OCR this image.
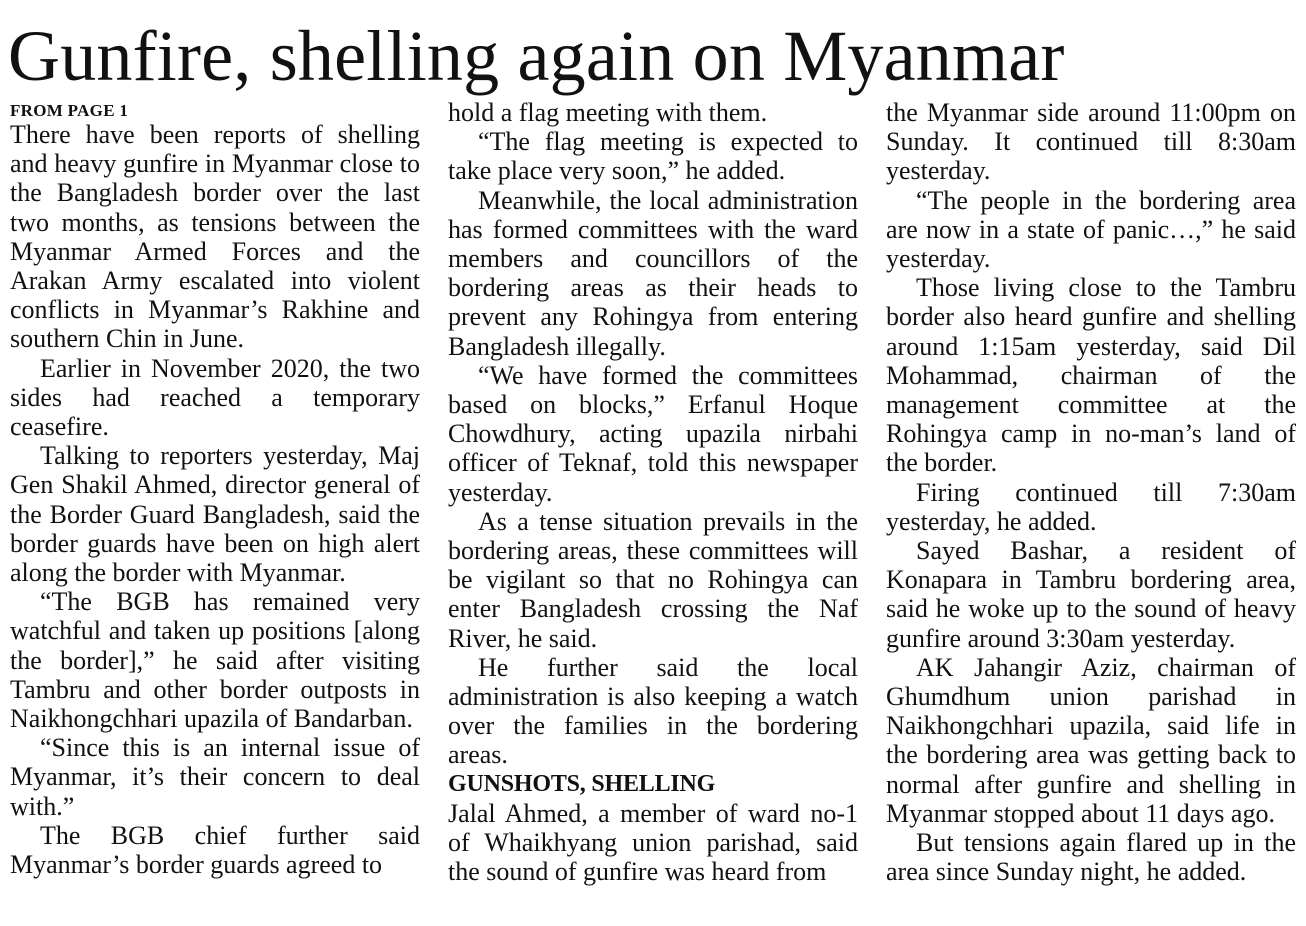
Gunfire, shelling again on Myanmar
FROM PAGE 1

There have been reports of shelling and heavy gunfire in Myanmar close to the Bangladesh border over the last two months, as tensions between the Myanmar Armed Forces and the Arakan Army escalated into violent conflicts in Myanmar’s Rakhine and southern Chin in June.

Earlier in November 2020, the two sides had reached a temporary ceasefire.

Talking to reporters yesterday, Maj Gen Shakil Ahmed, director general of the Border Guard Bangladesh, said the border guards have been on high alert along the border with Myanmar.

“The BGB has remained very watchful and taken up positions [along the border],” he said after visiting Tambru and other border outposts in Naikhongchhari upazila of Bandarban.

“Since this is an internal issue of Myanmar, it’s their concern to deal with.”

The BGB chief further said Myanmar’s border guards agreed to

hold a flag meeting with them.

“The flag meeting is expected to take place very soon,” he added.

Meanwhile, the local administration has formed committees with the ward members and councillors of the bordering areas as their heads to prevent any Rohingya from entering Bangladesh illegally.

“We have formed the committees based on blocks,” Erfanul Hoque Chowdhury, acting upazila nirbahi officer of Teknaf, told this newspaper yesterday.

As a tense situation prevails in the bordering areas, these committees will be vigilant so that no Rohingya can enter Bangladesh crossing the Naf River, he said.

He further said the local administration is also keeping a watch over the families in the bordering areas.

GUNSHOTS, SHELLING

Jalal Ahmed, a member of ward no-1 of Whaikhyang union parishad, said the sound of gunfire was heard from

the Myanmar side around 11:00pm on Sunday. It continued till 8:30am yesterday.

“The people in the bordering area are now in a state of panic…,” he said yesterday.

Those living close to the Tambru border also heard gunfire and shelling around 1:15am yesterday, said Dil Mohammad, chairman of the management committee at the Rohingya camp in no-man’s land of the border.

Firing continued till 7:30am yesterday, he added.

Sayed Bashar, a resident of Konapara in Tambru bordering area, said he woke up to the sound of heavy gunfire around 3:30am yesterday.

AK Jahangir Aziz, chairman of Ghumdhum union parishad in Naikhongchhari upazila, said life in the bordering area was getting back to normal after gunfire and shelling in Myanmar stopped about 11 days ago.

But tensions again flared up in the area since Sunday night, he added.
